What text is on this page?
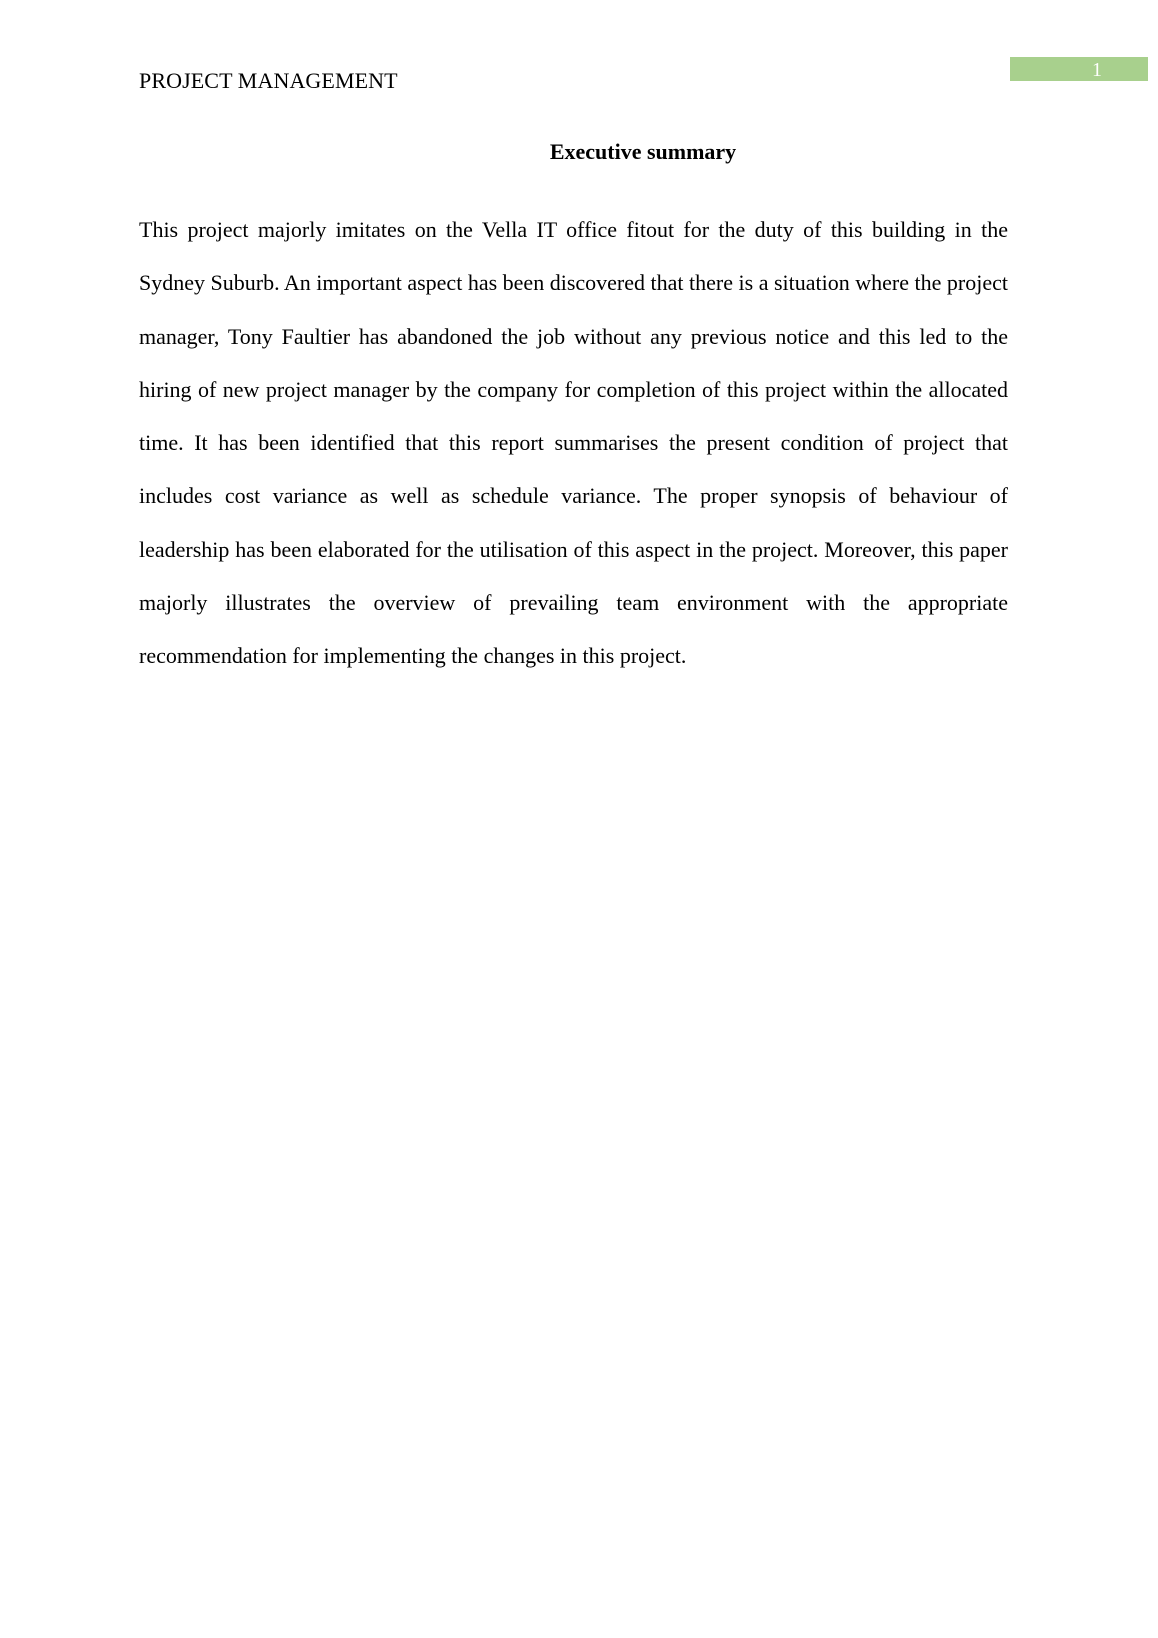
PROJECT MANAGEMENT	1
Executive summary

This project majorly imitates on the Vella IT office fitout for the duty of this building in the Sydney Suburb. An important aspect has been discovered that there is a situation where the project manager, Tony Faultier has abandoned the job without any previous notice and this led to the hiring of new project manager by the company for completion of this project within the allocated time. It has been identified that this report summarises the present condition of project that includes cost variance as well as schedule variance. The proper synopsis of behaviour of leadership has been elaborated for the utilisation of this aspect in the project. Moreover, this paper majorly illustrates the overview of prevailing team environment with the appropriate recommendation for implementing the changes in this project.
